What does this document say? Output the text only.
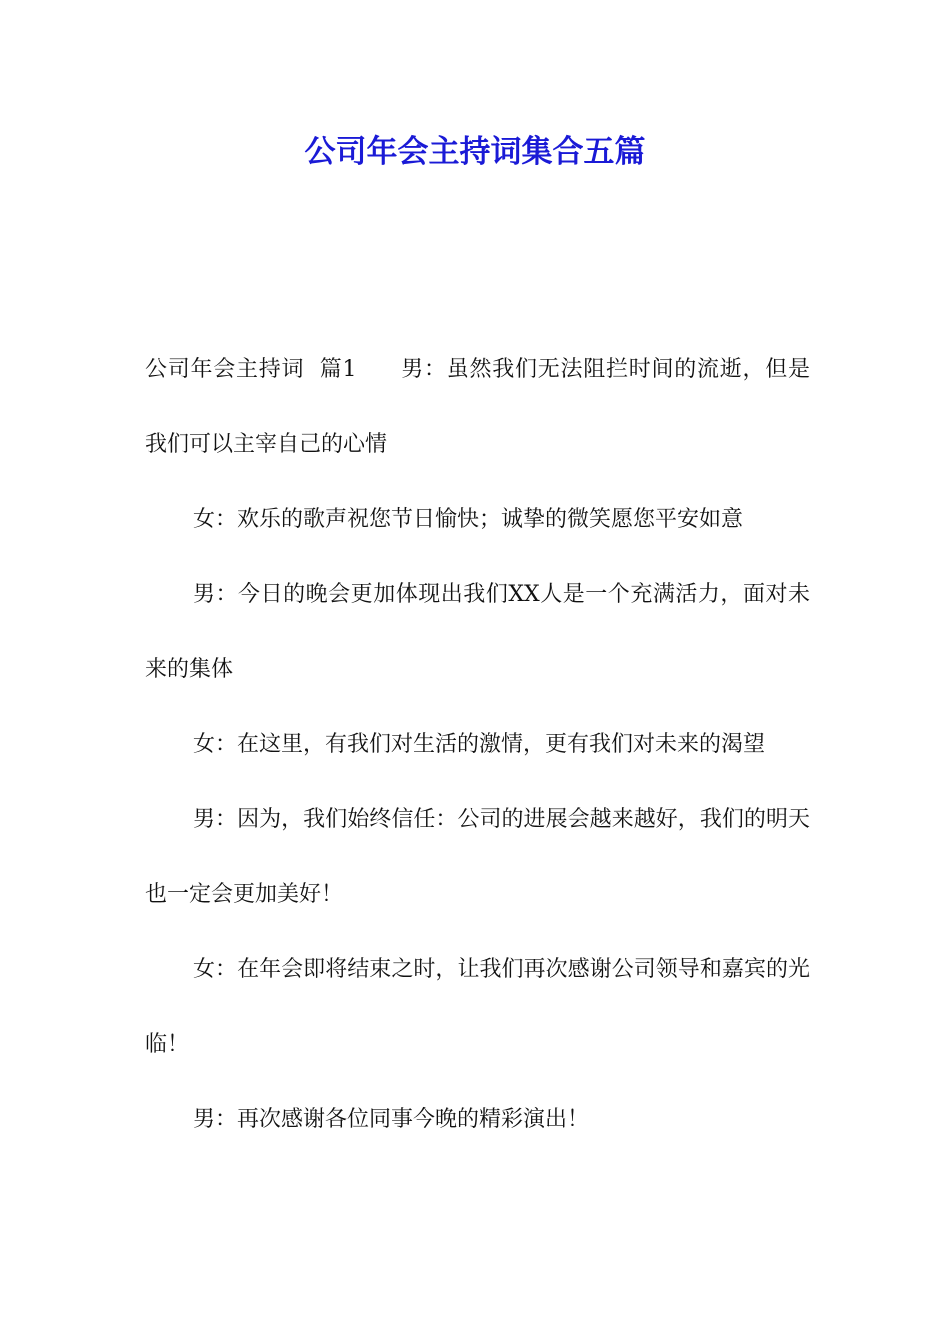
公司年会主持词集合五篇

公司年会主持词  篇1   男：虽然我们无法阻拦时间的流逝，但是我们可以主宰自己的心情

女：欢乐的歌声祝您节日愉快；诚挚的微笑愿您平安如意

男：今日的晚会更加体现出我们XX人是一个充满活力，面对未来的集体

女：在这里，有我们对生活的激情，更有我们对未来的渴望

男：因为，我们始终信任：公司的进展会越来越好，我们的明天也一定会更加美好！

女：在年会即将结束之时，让我们再次感谢公司领导和嘉宾的光临！

男：再次感谢各位同事今晚的精彩演出！
